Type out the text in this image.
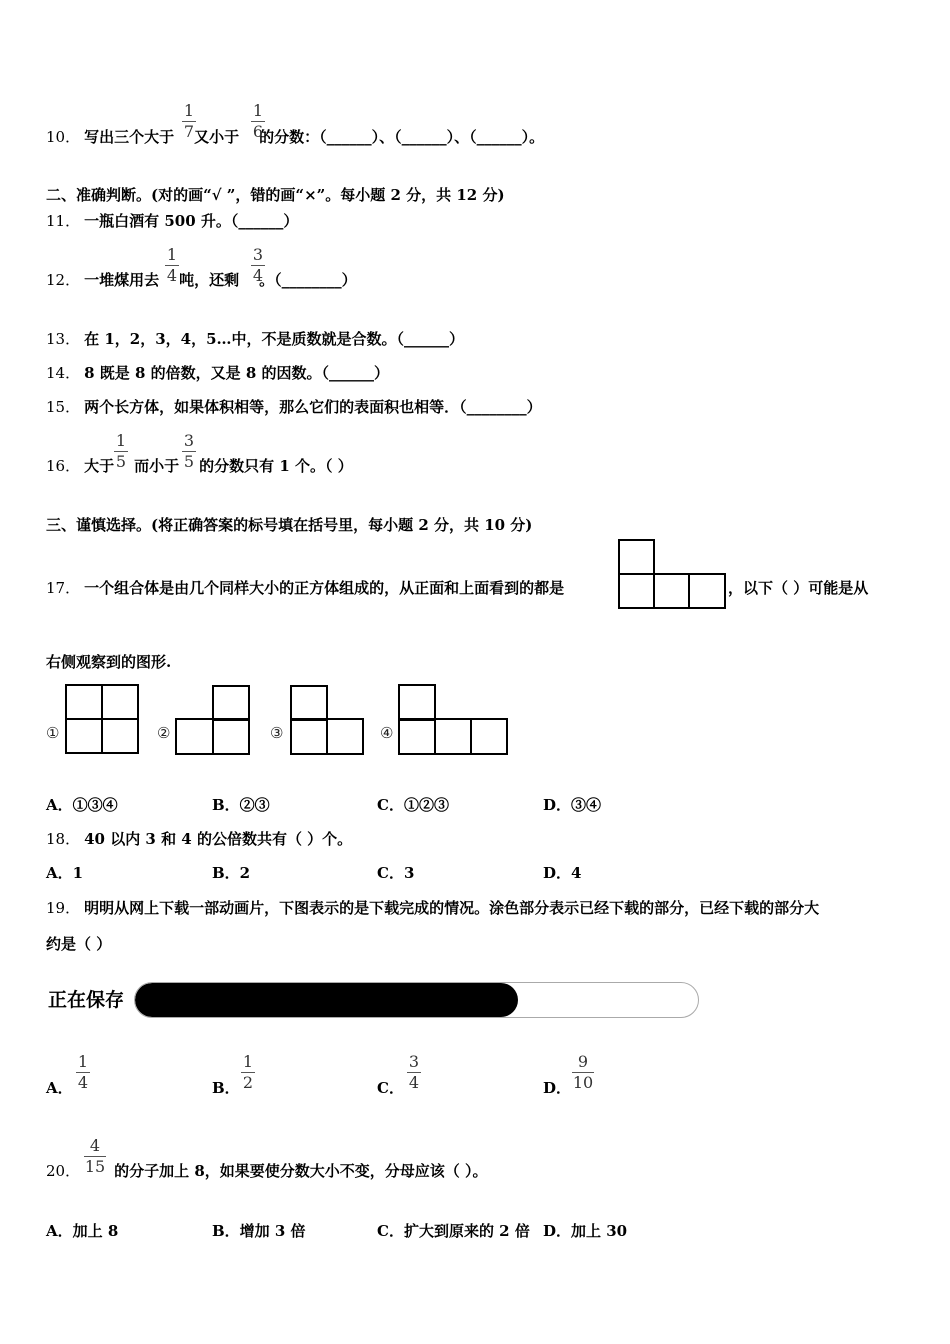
10． 写出三个大于 又小于 的分数：（______）、（______）、（______）。
1
7
1
6
二、准确判断。(对的画“√ ”，错的画“×”。每小题 2 分，共 12 分)
11． 一瓶白酒有 500 升。（______）
12． 一堆煤用去 吨，还剩 。（________）
1
4
3
4
13． 在 1，2，3，4，5…中，不是质数就是合数。（______）
14． 8 既是 8 的倍数，又是 8 的因数。（______）
15． 两个长方体，如果体积相等，那么它们的表面积也相等．（________）
16． 大于 而小于 的分数只有 1 个。（ ）
1
5
3
5
三、谨慎选择。(将正确答案的标号填在括号里，每小题 2 分，共 10 分)
17． 一个组合体是由几个同样大小的正方体组成的，从正面和上面看到的都是	，以下（ ）可能是从
右侧观察到的图形.
①	②	③	④
A．①③④	B．②③	C．①②③	D．③④
18． 40 以内 3 和 4 的公倍数共有（ ）个。
A．1	B．2	C．3	D．4
19． 明明从网上下载一部动画片，下图表示的是下载完成的情况。涂色部分表示已经下载的部分，已经下载的部分大
约是（ ）
正在保存
A．
1
4	B．
1
2	C．
3
4	D．
9
10
20． 的分子加上 8，如果要使分数大小不变，分母应该（ ）。
4
15
A．加上 8	B．增加 3 倍	C．扩大到原来的 2 倍 D．加上 30
